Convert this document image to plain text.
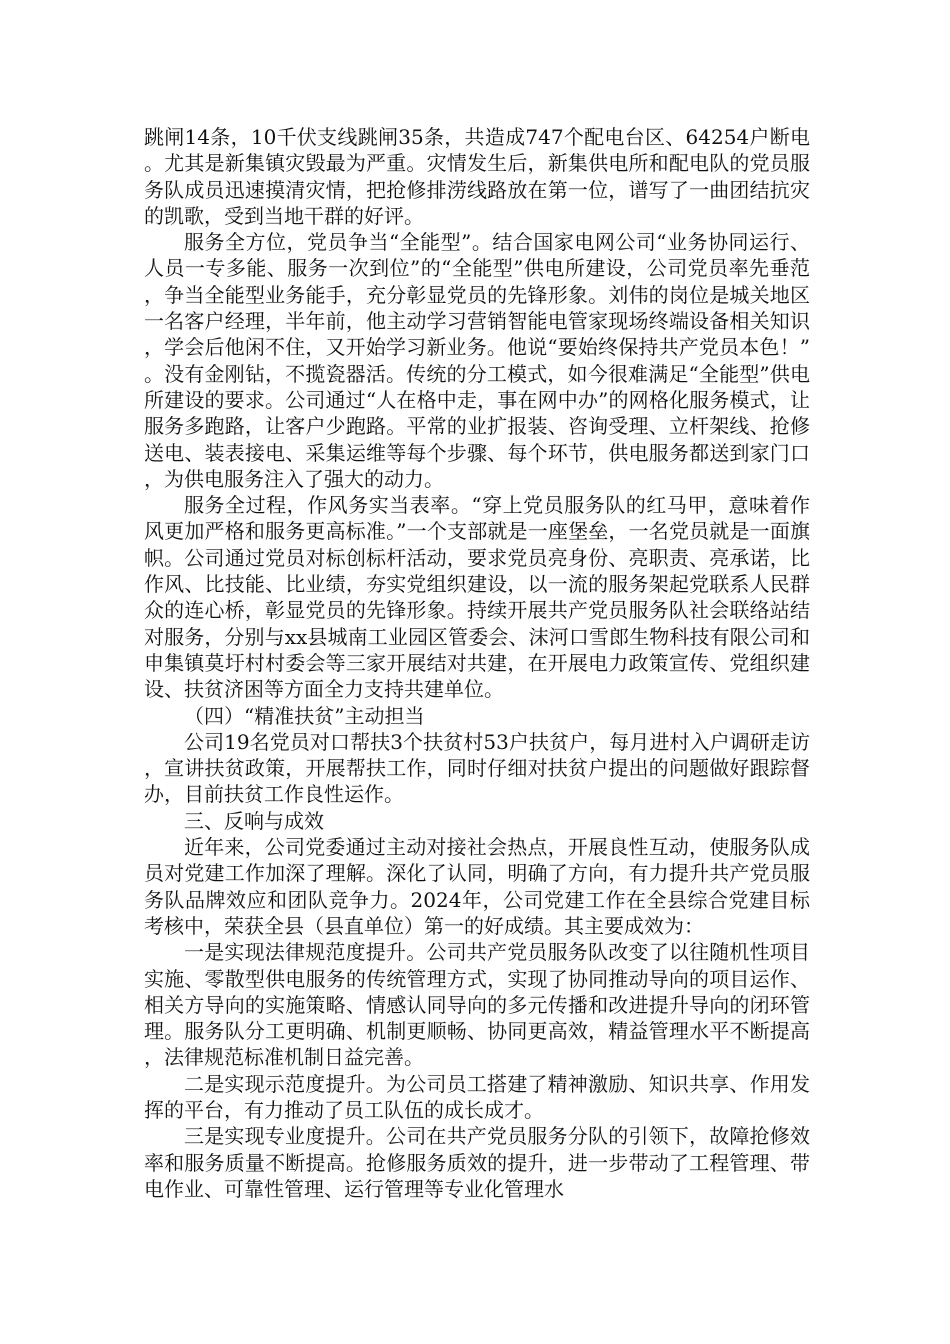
跳闸14条，10千伏支线跳闸35条，共造成747个配电台区、64254户断电。尤其是新集镇灾毁最为严重。灾情发生后，新集供电所和配电队的党员服务队成员迅速摸清灾情，把抢修排涝线路放在第一位，谱写了一曲团结抗灾的凯歌，受到当地干群的好评。

服务全方位，党员争当“全能型”。结合国家电网公司“业务协同运行、人员一专多能、服务一次到位”的“全能型”供电所建设，公司党员率先垂范，争当全能型业务能手，充分彰显党员的先锋形象。刘伟的岗位是城关地区一名客户经理，半年前，他主动学习营销智能电管家现场终端设备相关知识，学会后他闲不住，又开始学习新业务。他说“要始终保持共产党员本色！”。没有金刚钻，不揽瓷器活。传统的分工模式，如今很难满足“全能型”供电所建设的要求。公司通过“人在格中走，事在网中办”的网格化服务模式，让服务多跑路，让客户少跑路。平常的业扩报装、咨询受理、立杆架线、抢修送电、装表接电、采集运维等每个步骤、每个环节，供电服务都送到家门口，为供电服务注入了强大的动力。

服务全过程，作风务实当表率。“穿上党员服务队的红马甲，意味着作风更加严格和服务更高标准。”一个支部就是一座堡垒，一名党员就是一面旗帜。公司通过党员对标创标杆活动，要求党员亮身份、亮职责、亮承诺，比作风、比技能、比业绩，夯实党组织建设，以一流的服务架起党联系人民群众的连心桥，彰显党员的先锋形象。持续开展共产党员服务队社会联络站结对服务，分别与xx县城南工业园区管委会、沫河口雪郎生物科技有限公司和申集镇莫圩村村委会等三家开展结对共建，在开展电力政策宣传、党组织建设、扶贫济困等方面全力支持共建单位。

（四）“精准扶贫”主动担当

公司19名党员对口帮扶3个扶贫村53户扶贫户，每月进村入户调研走访，宣讲扶贫政策，开展帮扶工作，同时仔细对扶贫户提出的问题做好跟踪督办，目前扶贫工作良性运作。

三、反响与成效

近年来，公司党委通过主动对接社会热点，开展良性互动，使服务队成员对党建工作加深了理解。深化了认同，明确了方向，有力提升共产党员服务队品牌效应和团队竞争力。2024年，公司党建工作在全县综合党建目标考核中，荣获全县（县直单位）第一的好成绩。其主要成效为：

一是实现法律规范度提升。公司共产党员服务队改变了以往随机性项目实施、零散型供电服务的传统管理方式，实现了协同推动导向的项目运作、相关方导向的实施策略、情感认同导向的多元传播和改进提升导向的闭环管理。服务队分工更明确、机制更顺畅、协同更高效，精益管理水平不断提高，法律规范标准机制日益完善。

二是实现示范度提升。为公司员工搭建了精神激励、知识共享、作用发挥的平台，有力推动了员工队伍的成长成才。

三是实现专业度提升。公司在共产党员服务分队的引领下，故障抢修效率和服务质量不断提高。抢修服务质效的提升，进一步带动了工程管理、带电作业、可靠性管理、运行管理等专业化管理水
